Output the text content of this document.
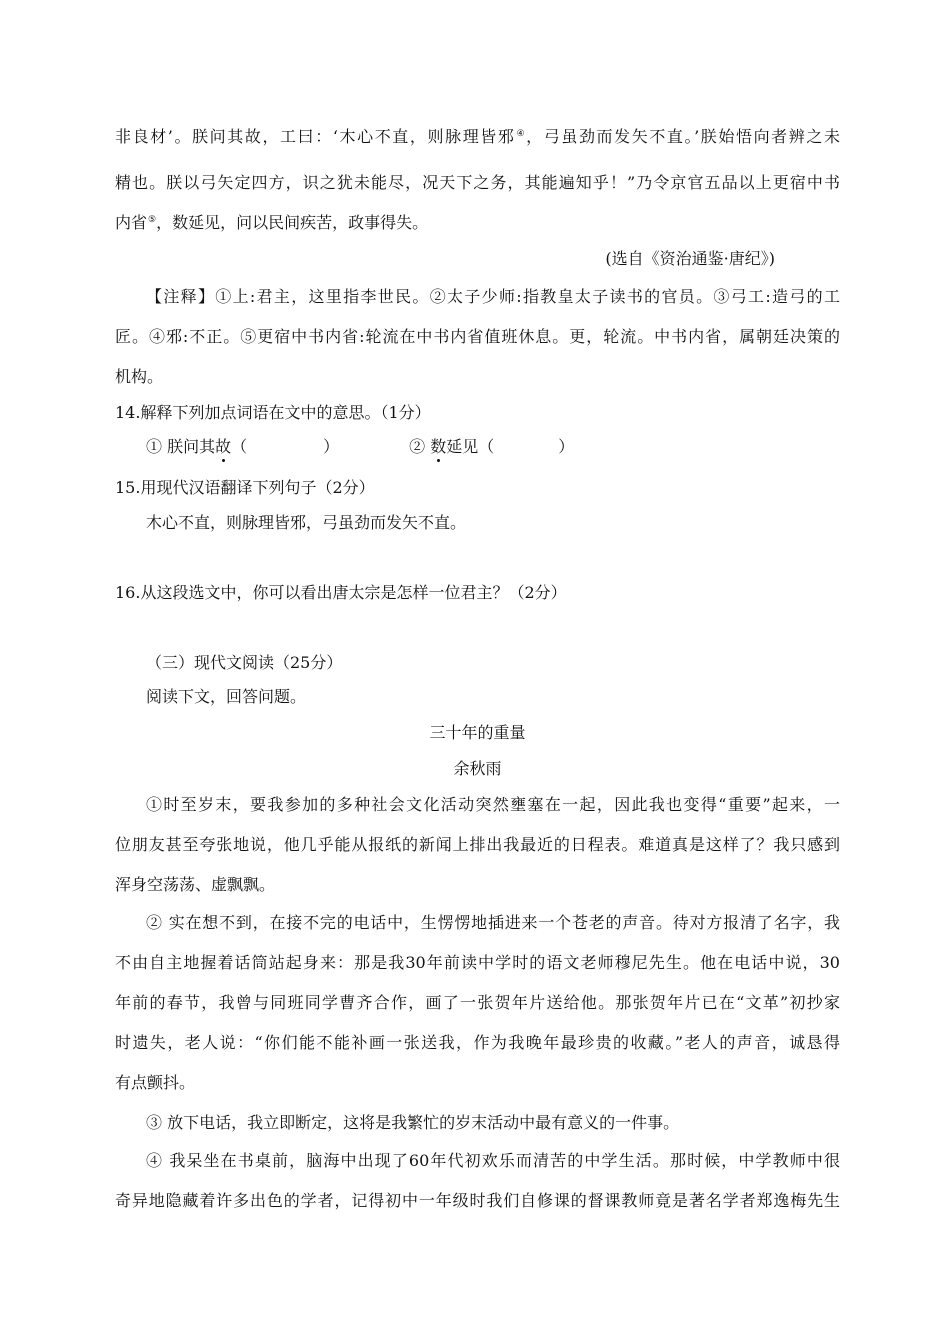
非良材’。朕问其故，工曰：‘木心不直，则脉理皆邪④，弓虽劲而发矢不直。’朕始悟向者辨之未
精也。朕以弓矢定四方，识之犹未能尽，况天下之务，其能遍知乎！”乃令京官五品以上更宿中书
内省⑤，数延见，问以民间疾苦，政事得失。
(选自《资治通鉴·唐纪》)
【注释】①上:君主，这里指李世民。②太子少师:指教皇太子读书的官员。③弓工:造弓的工
匠。④邪:不正。⑤更宿中书内省:轮流在中书内省值班休息。更，轮流。中书内省，属朝廷决策的
机构。
14.解释下列加点词语在文中的意思。（1分）
① 朕问其故（	）	② 数延见（	）
15.用现代汉语翻译下列句子（2分）
木心不直，则脉理皆邪，弓虽劲而发矢不直。
16.从这段选文中，你可以看出唐太宗是怎样一位君主？（2分）
（三）现代文阅读（25分）
阅读下文，回答问题。
三十年的重量
余秋雨
①时至岁末，要我参加的多种社会文化活动突然壅塞在一起，因此我也变得“重要”起来，一
位朋友甚至夸张地说，他几乎能从报纸的新闻上排出我最近的日程表。难道真是这样了？我只感到
浑身空荡荡、虚飘飘。
② 实在想不到，在接不完的电话中，生愣愣地插进来一个苍老的声音。待对方报清了名字，我
不由自主地握着话筒站起身来：那是我30年前读中学时的语文老师穆尼先生。他在电话中说，30
年前的春节，我曾与同班同学曹齐合作，画了一张贺年片送给他。那张贺年片已在“文革”初抄家
时遗失，老人说：“你们能不能补画一张送我，作为我晚年最珍贵的收藏。”老人的声音，诚恳得
有点颤抖。
③ 放下电话，我立即断定，这将是我繁忙的岁末活动中最有意义的一件事。
④ 我呆坐在书桌前，脑海中出现了60年代初欢乐而清苦的中学生活。那时候，中学教师中很
奇异地隐藏着许多出色的学者，记得初中一年级时我们自修课的督课教师竟是著名学者郑逸梅先生
